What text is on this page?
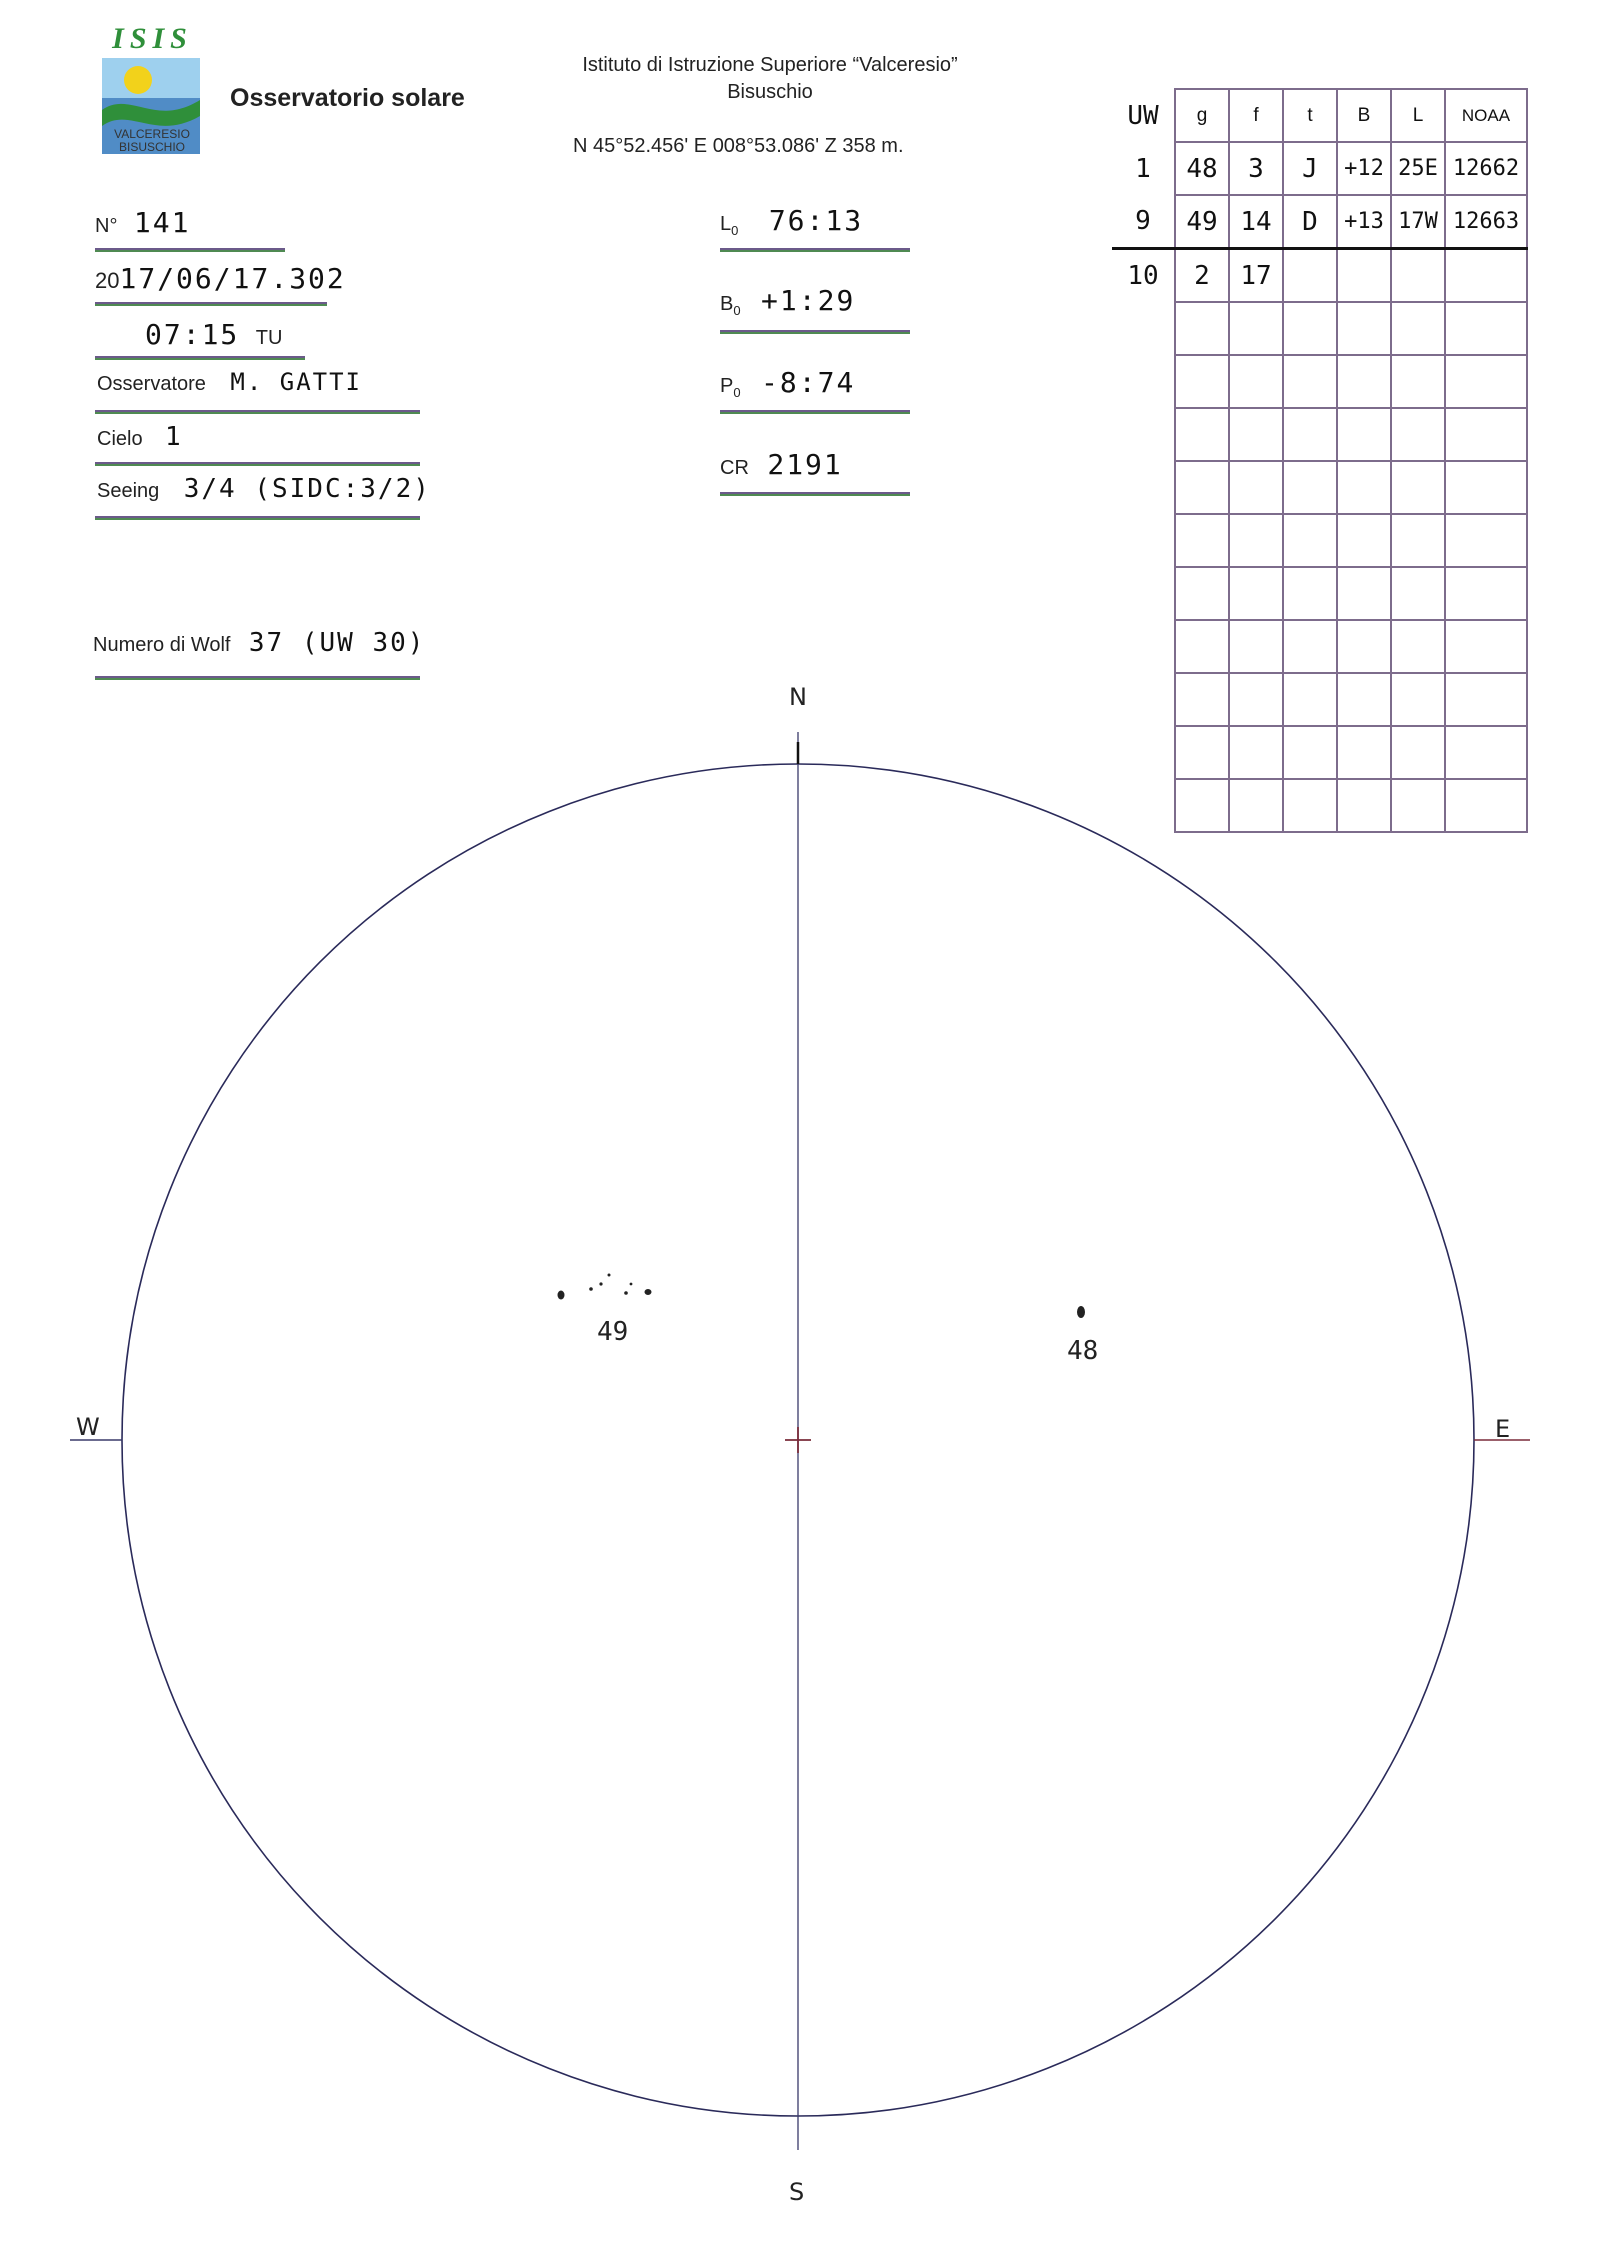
ISIS
VALCERESIO
BISUSCHIO
Osservatorio solare
Istituto di Istruzione Superiore “Valceresio”
Bisuschio
N 45°52.456' E 008°53.086' Z 358 m.
N° 141
2017/06/17.302
07:15 TU
Osservatore M. GATTI
Cielo 1
Seeing 3/4 (SIDC:3/2)
Numero di Wolf 37 (UW 30)
$L_0$ 76:13
$B_0$ +1:29
$P_0$ -8:74
CR 2191
UW	g	f	t	B	L	NOAA
1	48	3	J	+12	25E	12662
9	49	14	D	+13	17W	12663
10	2	17				

N
S
W	E
49
48
